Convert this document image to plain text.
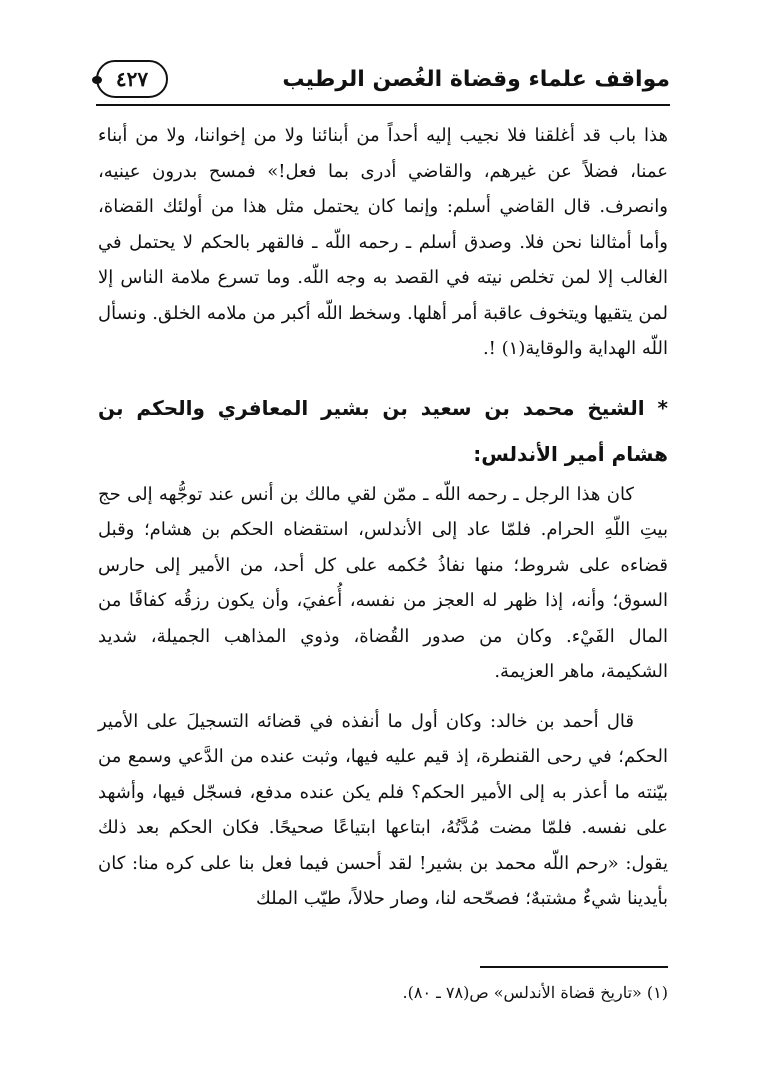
مواقف علماء وقضاة الغُصن الرطيب
٤٢٧

هذا باب قد أغلقنا فلا نجيب إليه أحداً من أبنائنا ولا من إخواننا، ولا من أبناء عمنا، فضلاً عن غيرهم، والقاضي أدرى بما فعل!» فمسح بدرون عينيه، وانصرف. قال القاضي أسلم: وإنما كان يحتمل مثل هذا من أولئك القضاة، وأما أمثالنا نحن فلا. وصدق أسلم ـ رحمه اللّه ـ فالقهر بالحكم لا يحتمل في الغالب إلا لمن تخلص نيته في القصد به وجه اللّه. وما تسرع ملامة الناس إلا لمن يتقيها ويتخوف عاقبة أمر أهلها. وسخط اللّه أكبر من ملامه الخلق. ونسأل اللّه الهداية والوقاية(١) !.

* الشيخ محمد بن سعيد بن بشير المعافري والحكم بن هشام أمير الأندلس:

كان هذا الرجل ـ رحمه اللّه ـ ممّن لقي مالك بن أنس عند توجُّهه إلى حج بيتِ اللّهِ الحرام. فلمّا عاد إلى الأندلس، استقضاه الحكم بن هشام؛ وقبل قضاءه على شروط؛ منها نفاذُ حُكمه على كل أحد، من الأمير إلى حارس السوق؛ وأنه، إذا ظهر له العجز من نفسه، أُعفيَ، وأن يكون رزقُه كفافًا من المال الفَيْء. وكان من صدور القُضاة، وذوي المذاهب الجميلة، شديد الشكيمة، ماهر العزيمة.

قال أحمد بن خالد: وكان أول ما أنفذه في قضائه التسجيلَ على الأمير الحكم؛ في رحى القنطرة، إذ قيم عليه فيها، وثبت عنده من الدَّعي وسمع من بيّنته ما أعذر به إلى الأمير الحكم؟ فلم يكن عنده مدفع، فسجّل فيها، وأشهد على نفسه. فلمّا مضت مُدَّتُهُ، ابتاعها ابتياعًا صحيحًا. فكان الحكم بعد ذلك يقول: «رحم اللّه محمد بن بشير! لقد أحسن فيما فعل بنا على كره منا: كان بأيدينا شيءٌ مشتبهٌ؛ فصحّحه لنا، وصار حلالاً، طيّب الملك

(١) «تاريخ قضاة الأندلس» ص(٧٨ ـ ٨٠).
